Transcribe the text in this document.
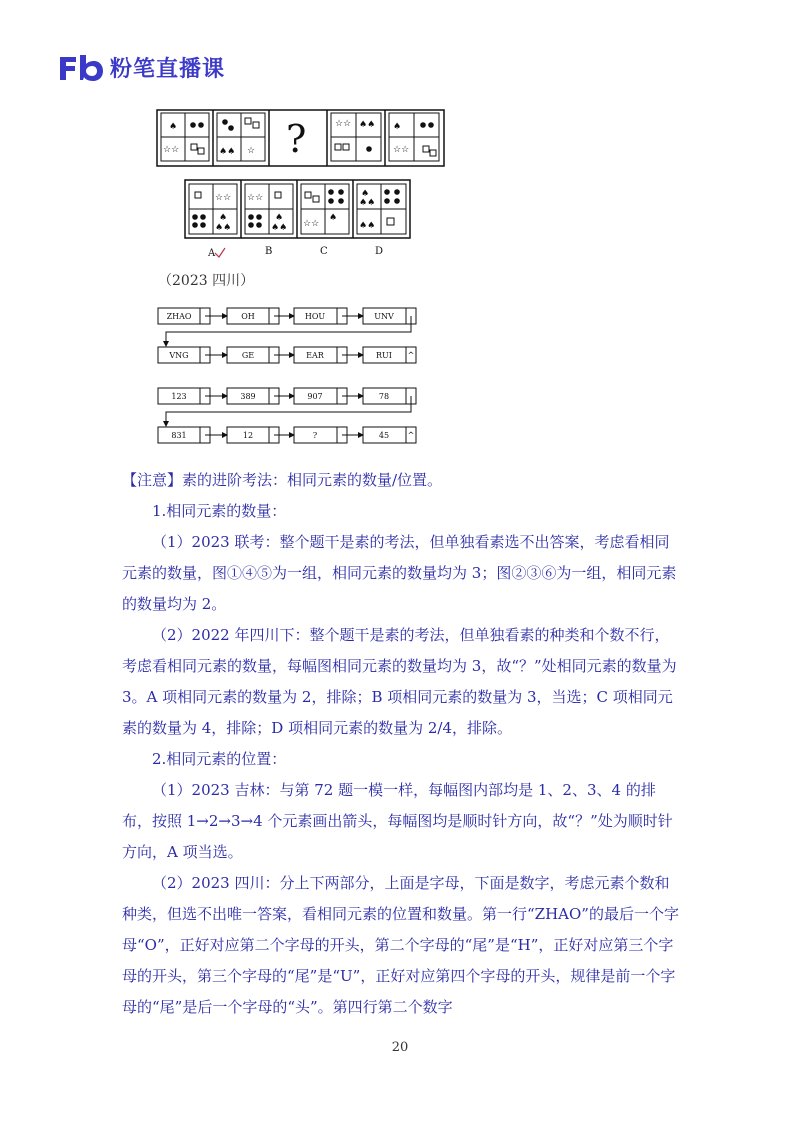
粉笔直播课
♠
☆☆	♠♠ ☆
☆☆ ♠♠ ♠
☆☆
?
☆☆
♠
♠♠
☆☆
♠
♠♠ ☆☆
♠
♠
♠♠
♠♠
A	B	C	D
（2023 四川）
ZHAO	OH	HOU	UNV
VNG	GE	EAR	RUI
123	389	907	78
831	12	?	45
^
^

【注意】素的进阶考法：相同元素的数量/位置。

1.相同元素的数量：

（1）2023 联考：整个题干是素的考法，但单独看素选不出答案，考虑看相同元素的数量，图①④⑤为一组，相同元素的数量均为 3；图②③⑥为一组，相同元素的数量均为 2。

（2）2022 年四川下：整个题干是素的考法，但单独看素的种类和个数不行，考虑看相同元素的数量，每幅图相同元素的数量均为 3，故“？”处相同元素的数量为 3。A 项相同元素的数量为 2，排除；B 项相同元素的数量为 3，当选；C 项相同元素的数量为 4，排除；D 项相同元素的数量为 2/4，排除。

2.相同元素的位置：

（1）2023 吉林：与第 72 题一模一样，每幅图内部均是 1、2、3、4 的排布，按照 1→2→3→4 个元素画出箭头，每幅图均是顺时针方向，故“？”处为顺时针方向，A 项当选。

（2）2023 四川：分上下两部分，上面是字母，下面是数字，考虑元素个数和种类，但选不出唯一答案，看相同元素的位置和数量。第一行“ZHAO”的最后一个字母“O”，正好对应第二个字母的开头，第二个字母的“尾”是“H”，正好对应第三个字母的开头，第三个字母的“尾”是“U”，正好对应第四个字母的开头，规律是前一个字母的“尾”是后一个字母的“头”。第四行第二个数字

20
